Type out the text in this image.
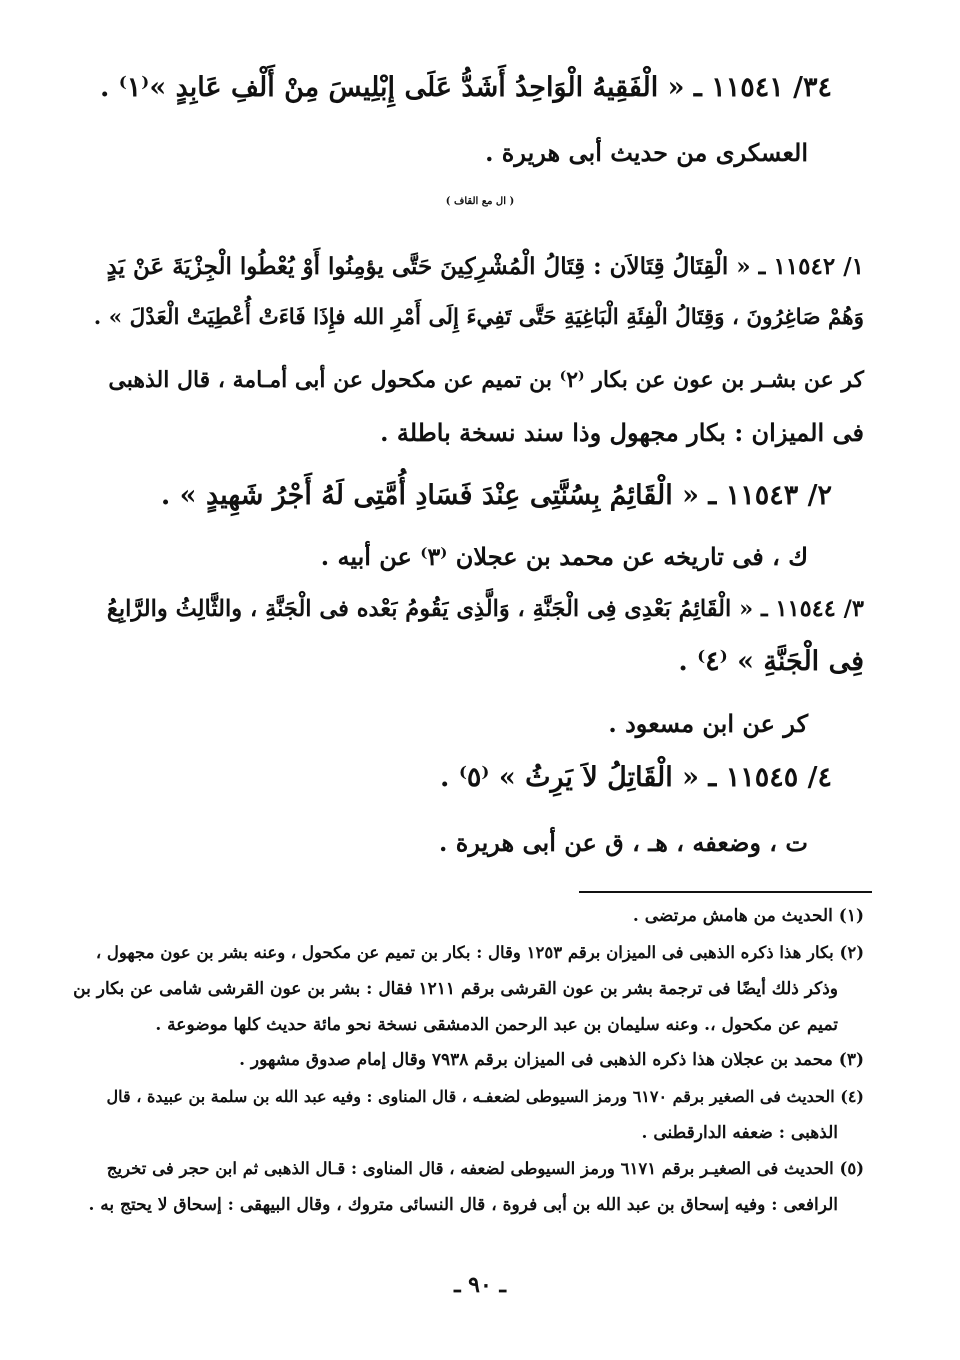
٣٤/ ١١٥٤١ ـ « الْفَقِيهُ الْوَاحِدُ أَشَدُّ عَلَى إِبْلِيسَ مِنْ أَلْفِ عَابِدٍ »⁽١⁾ .
العسكرى من حديث أبى هريرة .
( ال مع القاف )
١/ ١١٥٤٢ ـ « الْقِتَالُ قِتَالاَن : قِتَالُ الْمُشْرِكِينَ حَتَّى يؤمِنُوا أَوْ يُعْطُوا الْجِزْيَةَ عَنْ يَدٍ
وَهُمْ صَاغِرُونَ ، وَقِتَالُ الْفِئَةِ الْبَاغِيَةِ حَتَّى تَفِيءَ إِلَى أَمْرِ الله فإِذَا فَاءَتْ أُعْطِيَتْ الْعَدْلَ » .
كر عن بشـر بن عون عن بكار ⁽٢⁾ بن تميم عن مكحول عن أبى أمـامة ، قال الذهبى
فى الميزان : بكار مجهول وذا سند نسخة باطلة .
٢/ ١١٥٤٣ ـ « الْقَائِمُ بِسُنَّتِى عِنْدَ فَسَادِ أُمَّتِى لَهُ أَجْرُ شَهِيدٍ » .
ك ، فى تاريخه عن محمد بن عجلان ⁽٣⁾ عن أبيه .
٣/ ١١٥٤٤ ـ « الْقَائِمُ بَعْدِى فِى الْجَنَّةِ ، وَالَّذِى يَقُومُ بَعْده فى الْجَنَّةِ ، والثَّالِثُ والرَّابِعُ
فِى الْجَنَّةِ » ⁽٤⁾ .
كر عن ابن مسعود .
٤/ ١١٥٤٥ ـ « الْقَاتِلُ لاَ يَرِثُ » ⁽٥⁾ .
ت ، وضعفه ، هـ ، ق عن أبى هريرة .
(١) الحديث من هامش مرتضى .
(٢) بكار هذا ذكره الذهبى فى الميزان برقم ١٢٥٣ وقال : بكار بن تميم عن مكحول ، وعنه بشر بن عون مجهول ،
وذكر ذلك أيضًا فى ترجمة بشر بن عون القرشى برقم ١٢١١ فقال : بشر بن عون القرشى شامى عن بكار بن
تميم عن مكحول ،. وعنه سليمان بن عبد الرحمن الدمشقى نسخة نحو مائة حديث كلها موضوعة .
(٣) محمد بن عجلان هذا ذكره الذهبى فى الميزان برقم ٧٩٣٨ وقال إمام صدوق مشهور .
(٤) الحديث فى الصغير برقم ٦١٧٠ ورمز السيوطى لضعفـه ، قال المناوى : وفيه عبد الله بن سلمة بن عبيدة ، قال
الذهبى : ضعفه الدارقطنى .
(٥) الحديث فى الصغيـر برقم ٦١٧١ ورمز السيوطى لضعفه ، قال المناوى : قـال الذهبى ثم ابن حجر فى تخريج
الرافعى : وفيه إسحاق بن عبد الله بن أبى فروة ، قال النسائى متروك ، وقال البيهقى : إسحاق لا يحتج به .
ـ ٩٠ ـ
